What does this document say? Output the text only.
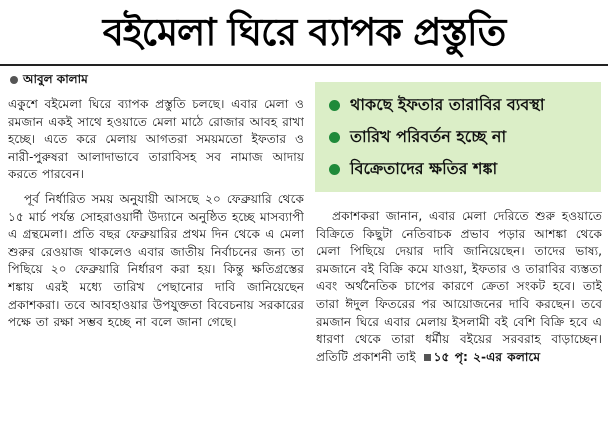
বইমেলা ঘিরে ব্যাপক প্রস্তুতি
আবুল কালাম

একুশে বইমেলা ঘিরে ব্যাপক প্রস্তুতি চলছে। এবার মেলা ও রমজান একই সাথে হওয়াতে মেলা মাঠে রোজার আবহ রাখা হচ্ছে। এতে করে মেলায় আগতরা সময়মতো ইফতার ও নারী-পুরুষরা আলাদাভাবে তারাবিসহ সব নামাজ আদায় করতে পারবেন।

পূর্ব নির্ধারিত সময় অনুযায়ী আসছে ২০ ফেব্রুয়ারি থেকে ১৫ মার্চ পর্যন্ত সোহরাওয়ার্দী উদ্যানে অনুষ্ঠিত হচ্ছে মাসব্যাপী এ গ্রন্থমেলা। প্রতি বছর ফেব্রুয়ারির প্রথম দিন থেকে এ মেলা শুরুর রেওয়াজ থাকলেও এবার জাতীয় নির্বাচনের জন্য তা পিছিয়ে ২০ ফেব্রুয়ারি নির্ধারণ করা হয়। কিন্তু ক্ষতিগ্রস্তের শঙ্কায় এরই মধ্যে তারিখ পেছানোর দাবি জানিয়েছেন প্রকাশকরা। তবে আবহাওয়ার উপযুক্ততা বিবেচনায় সরকারের পক্ষে তা রক্ষা সম্ভব হচ্ছে না বলে জানা গেছে।

থাকছে ইফতার তারাবির ব্যবস্থা
তারিখ পরিবর্তন হচ্ছে না
বিক্রেতাদের ক্ষতির শঙ্কা

প্রকাশকরা জানান, এবার মেলা দেরিতে শুরু হওয়াতে বিক্রিতে কিছুটা নেতিবাচক প্রভাব পড়ার আশঙ্কা থেকে মেলা পিছিয়ে দেয়ার দাবি জানিয়েছেন। তাদের ভাষ্য, রমজানে বই বিক্রি কমে যাওয়া, ইফতার ও তারাবির ব্যস্ততা এবং অর্থনৈতিক চাপের কারণে ক্রেতা সংকট হবে। তাই তারা ঈদুল ফিতরের পর আয়োজনের দাবি করছেন। তবে রমজান ঘিরে এবার মেলায় ইসলামী বই বেশি বিক্রি হবে এ ধারণা থেকে তারা ধর্মীয় বইয়ের সরবরাহ বাড়াচ্ছেন। প্রতিটি প্রকাশনী তাই ১৫ পৃ: ২-এর কলামে
